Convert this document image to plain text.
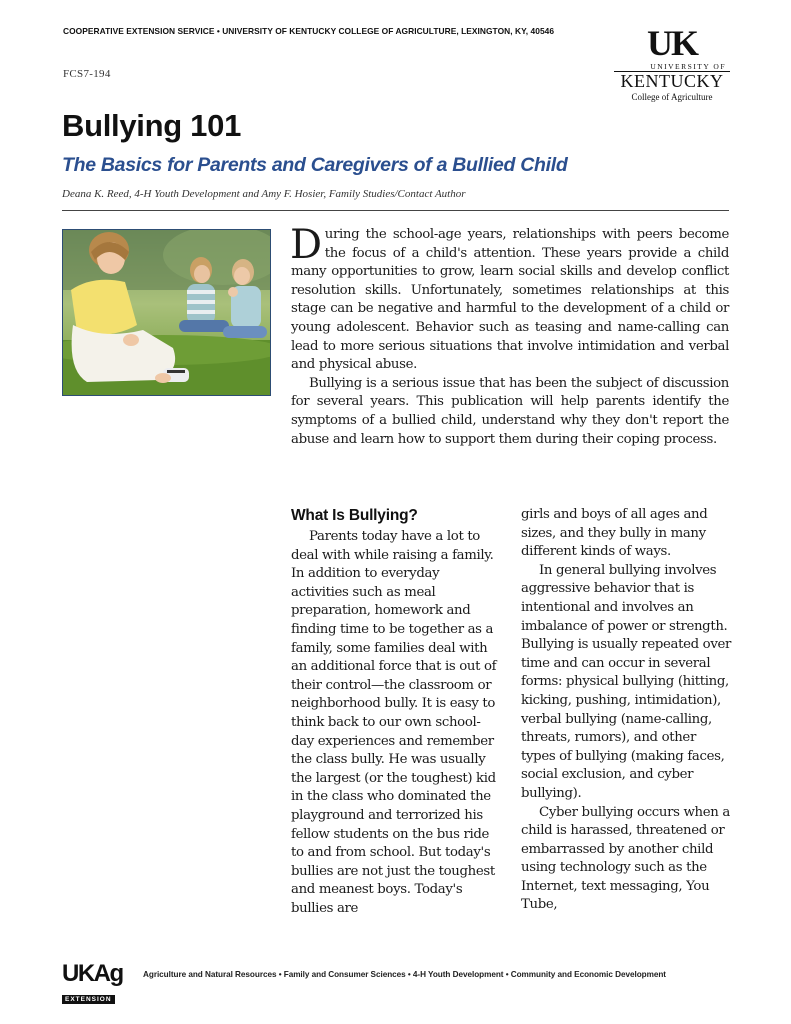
COOPERATIVE EXTENSION SERVICE • UNIVERSITY OF KENTUCKY COLLEGE OF AGRICULTURE, LEXINGTON, KY, 40546
FCS7-194
UK
UNIVERSITY OF
KENTUCKY
College of Agriculture
Bullying 101
The Basics for Parents and Caregivers of a Bullied Child
Deana K. Reed, 4-H Youth Development and Amy F. Hosier, Family Studies/Contact Author

During the school-age years, relationships with peers become the focus of a child's attention. These years provide a child many opportunities to grow, learn social skills and develop conflict resolution skills. Unfortunately, sometimes relationships at this stage can be negative and harmful to the development of a child or young adolescent. Behavior such as teasing and name-calling can lead to more serious situations that involve intimidation and verbal and physical abuse.

Bullying is a serious issue that has been the subject of discussion for several years. This publication will help parents identify the symptoms of a bullied child, understand why they don't report the abuse and learn how to support them during their coping process.

What Is Bullying?

Parents today have a lot to deal with while raising a family. In addition to everyday activities such as meal preparation, homework and finding time to be together as a family, some families deal with an additional force that is out of their control—the classroom or neighborhood bully. It is easy to think back to our own school-day experiences and remember the class bully. He was usually the largest (or the toughest) kid in the class who dominated the playground and terrorized his fellow students on the bus ride to and from school. But today's bullies are not just the toughest and meanest boys. Today's bullies are

girls and boys of all ages and sizes, and they bully in many different kinds of ways.

In general bullying involves aggressive behavior that is intentional and involves an imbalance of power or strength. Bullying is usually repeated over time and can occur in several forms: physical bullying (hitting, kicking, pushing, intimidation), verbal bullying (name-calling, threats, rumors), and other types of bullying (making faces, social exclusion, and cyber bullying).

Cyber bullying occurs when a child is harassed, threatened or embarrassed by another child using technology such as the Internet, text messaging, You Tube,

UKAg
EXTENSION
Agriculture and Natural Resources • Family and Consumer Sciences • 4-H Youth Development • Community and Economic Development
